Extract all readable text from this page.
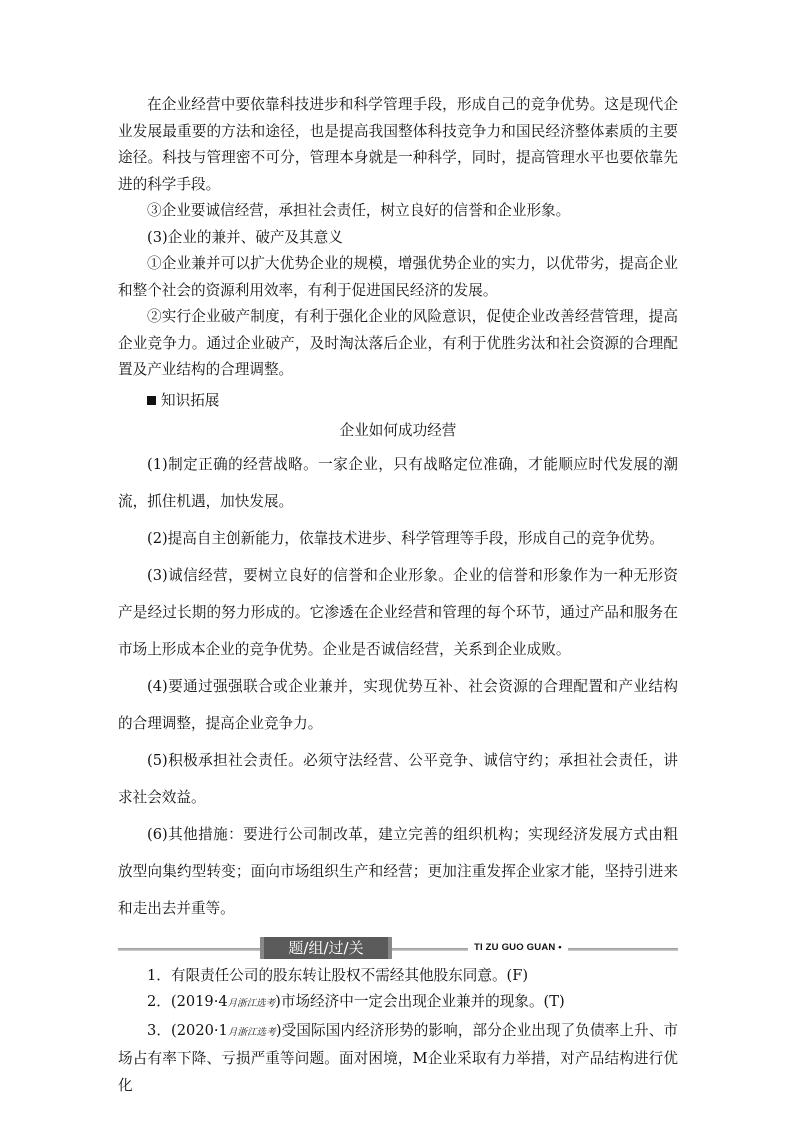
在企业经营中要依靠科技进步和科学管理手段，形成自己的竞争优势。这是现代企业发展最重要的方法和途径，也是提高我国整体科技竞争力和国民经济整体素质的主要途径。科技与管理密不可分，管理本身就是一种科学，同时，提高管理水平也要依靠先进的科学手段。

③企业要诚信经营，承担社会责任，树立良好的信誉和企业形象。

(3)企业的兼并、破产及其意义

①企业兼并可以扩大优势企业的规模，增强优势企业的实力，以优带劣，提高企业和整个社会的资源利用效率，有利于促进国民经济的发展。

②实行企业破产制度，有利于强化企业的风险意识，促使企业改善经营管理，提高企业竞争力。通过企业破产，及时淘汰落后企业，有利于优胜劣汰和社会资源的合理配置及产业结构的合理调整。

知识拓展

企业如何成功经营

(1)制定正确的经营战略。一家企业，只有战略定位准确，才能顺应时代发展的潮流，抓住机遇，加快发展。

(2)提高自主创新能力，依靠技术进步、科学管理等手段，形成自己的竞争优势。

(3)诚信经营，要树立良好的信誉和企业形象。企业的信誉和形象作为一种无形资产是经过长期的努力形成的。它渗透在企业经营和管理的每个环节，通过产品和服务在市场上形成本企业的竞争优势。企业是否诚信经营，关系到企业成败。

(4)要通过强强联合或企业兼并，实现优势互补、社会资源的合理配置和产业结构的合理调整，提高企业竞争力。

(5)积极承担社会责任。必须守法经营、公平竞争、诚信守约；承担社会责任，讲求社会效益。

(6)其他措施：要进行公司制改革，建立完善的组织机构；实现经济发展方式由粗放型向集约型转变；面向市场组织生产和经营；更加注重发挥企业家才能，坚持引进来和走出去并重等。

题/组/过/关	TI ZU GUO GUAN •

1．有限责任公司的股东转让股权不需经其他股东同意。(F)

2．(2019·4月浙江选考)市场经济中一定会出现企业兼并的现象。(T)

3．(2020·1月浙江选考)受国际国内经济形势的影响，部分企业出现了负债率上升、市场占有率下降、亏损严重等问题。面对困境，M企业采取有力举措，对产品结构进行优化
